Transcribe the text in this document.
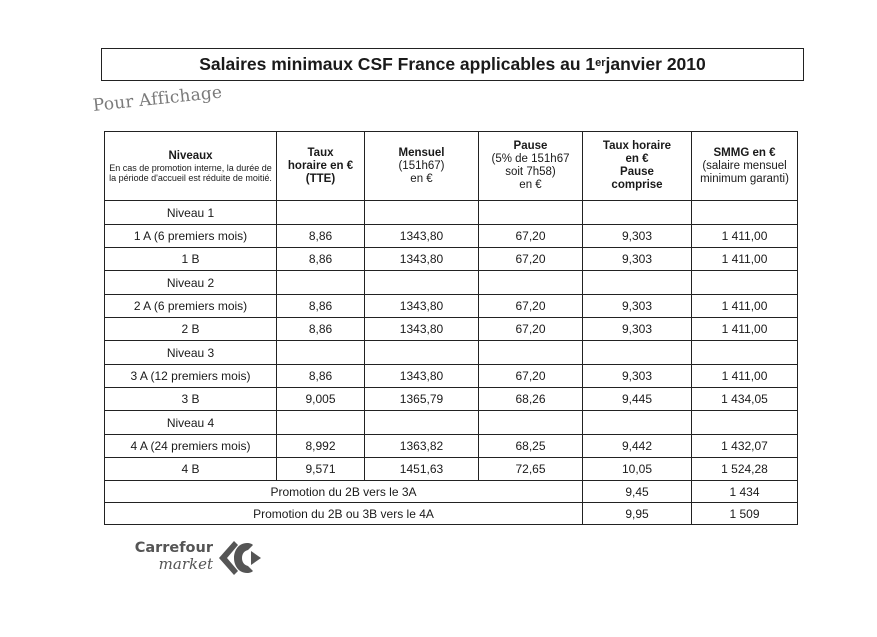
Salaires minimaux CSF France applicables au 1er janvier 2010
Pour Affichage
Niveaux
En cas de promotion interne, la durée de la période d'accueil est réduite de moitié.	Taux
horaire en €
(TTE)	Mensuel
(151h67)
en €	Pause
(5% de 151h67
soit 7h58)
en €	Taux horaire
en €
Pause
comprise	SMMG en €
(salaire mensuel
minimum garanti)

Niveau 1					
1 A (6 premiers mois)	8,86	1343,80	67,20	9,303	1 411,00
1 B	8,86	1343,80	67,20	9,303	1 411,00
Niveau 2					
2 A (6 premiers mois)	8,86	1343,80	67,20	9,303	1 411,00
2 B	8,86	1343,80	67,20	9,303	1 411,00
Niveau 3					
3 A (12 premiers mois)	8,86	1343,80	67,20	9,303	1 411,00
3 B	9,005	1365,79	68,26	9,445	1 434,05
Niveau 4					
4 A (24 premiers mois)	8,992	1363,82	68,25	9,442	1 432,07
4 B	9,571	1451,63	72,65	10,05	1 524,28
Promotion du 2B vers le 3A				9,45	1 434
Promotion du 2B ou 3B vers le 4A				9,95	1 509
Carrefour
market
